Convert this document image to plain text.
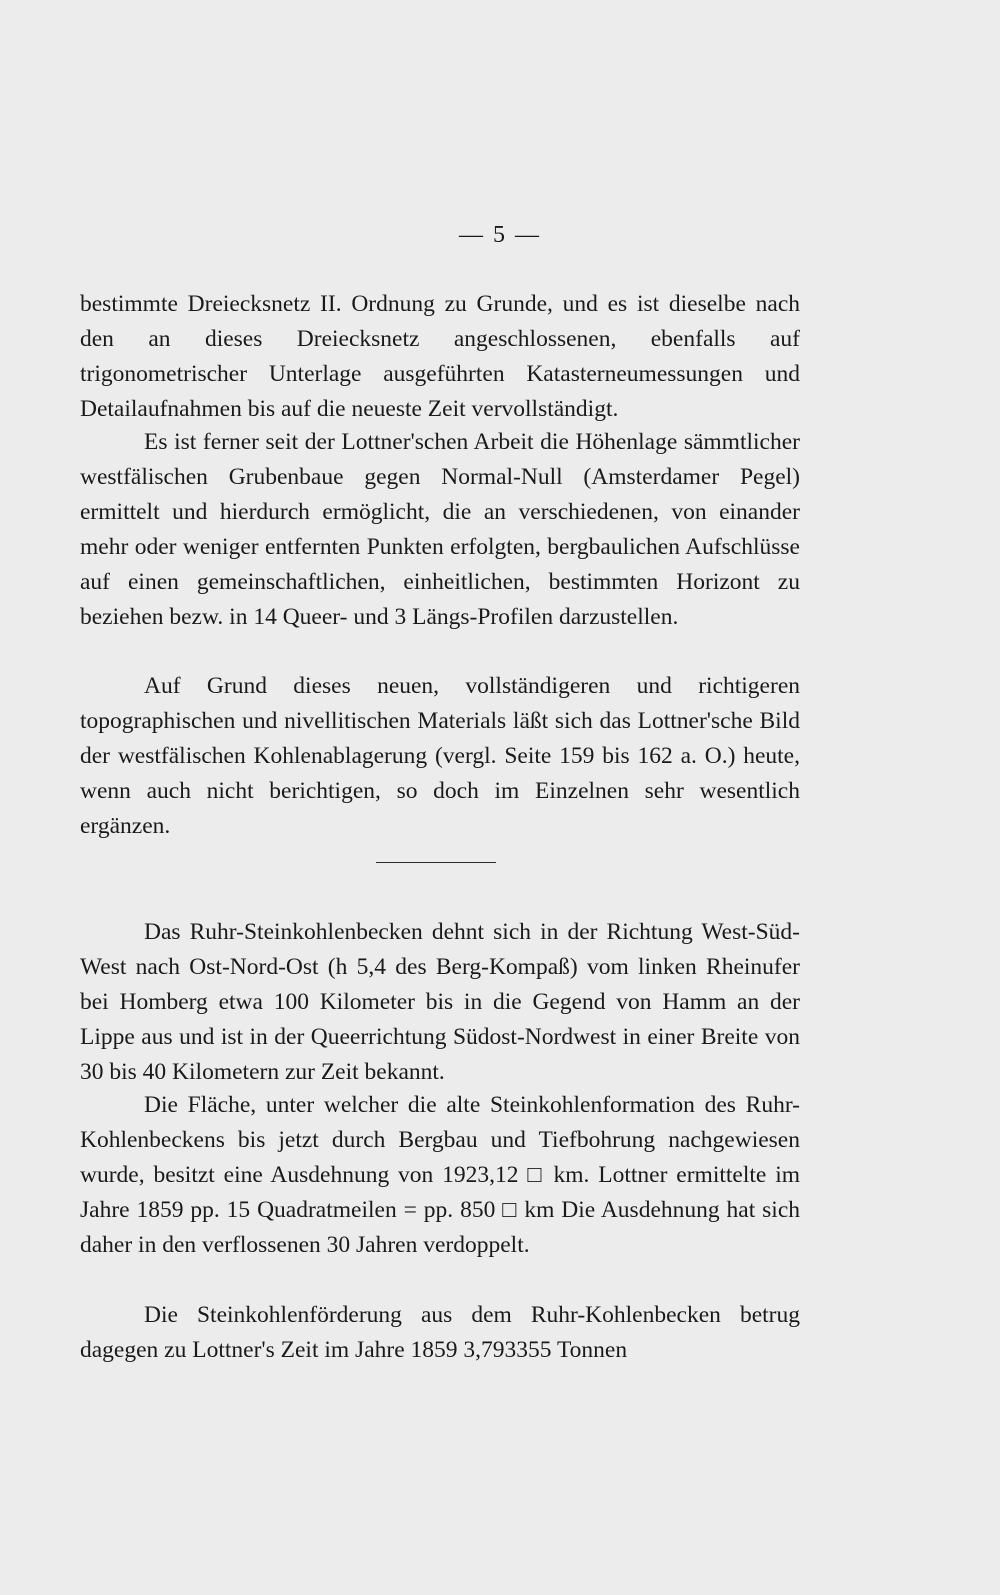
— 5 —

bestimmte Dreiecksnetz II. Ordnung zu Grunde, und es ist dieselbe nach den an dieses Dreiecksnetz angeschlossenen, ebenfalls auf trigonometrischer Unterlage ausgeführten Katasterneumessungen und Detailaufnahmen bis auf die neueste Zeit vervollständigt.

Es ist ferner seit der Lottner'schen Arbeit die Höhenlage sämmtlicher westfälischen Grubenbaue gegen Normal-Null (Amsterdamer Pegel) ermittelt und hierdurch ermöglicht, die an verschiedenen, von einander mehr oder weniger entfernten Punkten erfolgten, bergbaulichen Aufschlüsse auf einen gemeinschaftlichen, einheitlichen, bestimmten Horizont zu beziehen bezw. in 14 Queer- und 3 Längs-Profilen darzustellen.

Auf Grund dieses neuen, vollständigeren und richtigeren topographischen und nivellitischen Materials läßt sich das Lottner'sche Bild der westfälischen Kohlenablagerung (vergl. Seite 159 bis 162 a. O.) heute, wenn auch nicht berichtigen, so doch im Einzelnen sehr wesentlich ergänzen.

Das Ruhr-Steinkohlenbecken dehnt sich in der Richtung West-Süd-West nach Ost-Nord-Ost (h 5,4 des Berg-Kompaß) vom linken Rheinufer bei Homberg etwa 100 Kilometer bis in die Gegend von Hamm an der Lippe aus und ist in der Queerrichtung Südost-Nordwest in einer Breite von 30 bis 40 Kilometern zur Zeit bekannt.

Die Fläche, unter welcher die alte Steinkohlenformation des Ruhr-Kohlenbeckens bis jetzt durch Bergbau und Tiefbohrung nachgewiesen wurde, besitzt eine Ausdehnung von 1923,12 □ km. Lottner ermittelte im Jahre 1859 pp. 15 Quadratmeilen = pp. 850 □ km Die Ausdehnung hat sich daher in den verflossenen 30 Jahren verdoppelt.

Die Steinkohlenförderung aus dem Ruhr-Kohlenbecken betrug dagegen zu Lottner's Zeit im Jahre 1859 3,793355 Tonnen
